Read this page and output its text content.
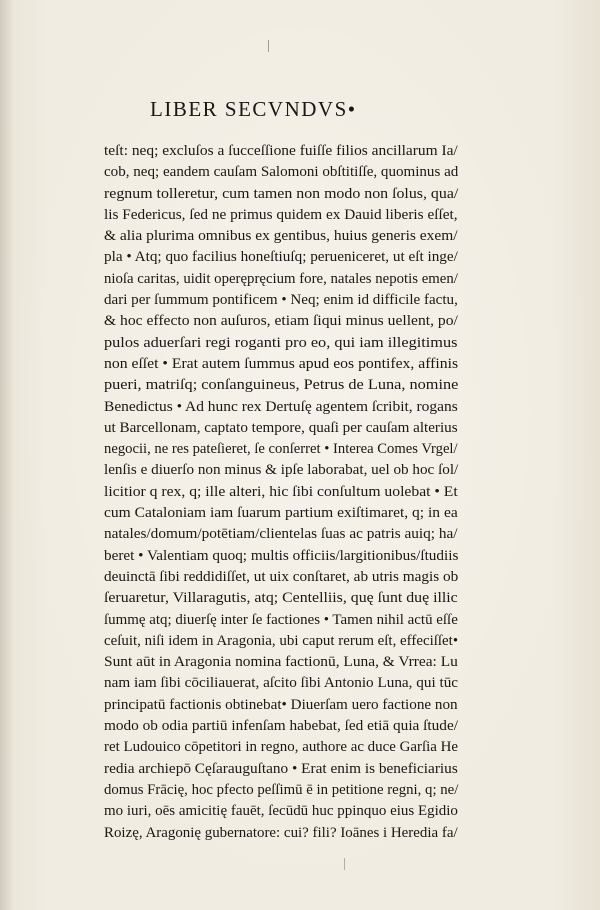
LIBER SECVNDVS•
teſt: neq; excluſos a ſucceſſione fuiſſe filios ancillarum Ia/
cob, neq; eandem cauſam Salomoni obſtitiſſe, quominus ad
regnum tolleretur, cum tamen non modo non ſolus, qua/
lis Federicus, ſed ne primus quidem ex Dauid liberis eſſet,
& alia plurima omnibus ex gentibus, huius generis exem/
pla • Atq; quo facilius honeſtiuſq; perueniceret, ut eſt inge/
nioſa caritas, uidit operępręcium fore, natales nepotis emen/
dari per ſummum pontificem • Neq; enim id difficile factu,
& hoc effecto non auſuros, etiam ſiqui minus uellent, po/
pulos aduerſari regi roganti pro eo, qui iam illegitimus
non eſſet • Erat autem ſummus apud eos pontifex, affinis
pueri, matriſq; conſanguineus, Petrus de Luna, nomine
Benedictus • Ad hunc rex Dertuſę agentem ſcribit, rogans
ut Barcellonam, captato tempore, quaſi per cauſam alterius
negocii, ne res pateſieret, ſe conſerret • Interea Comes Vrgel/
lenſis e diuerſo non minus & ipſe laborabat, uel ob hoc ſol/
licitior q rex, q; ille alteri, hic ſibi conſultum uolebat • Et
cum Cataloniam iam ſuarum partium exiſtimaret, q; in ea
natales/domum/potētiam/clientelas ſuas ac patris auiq; ha/
beret • Valentiam quoq; multis officiis/largitionibus/ſtudiis
deuinctā ſibi reddidiſſet, ut uix conſtaret, ab utris magis ob
ſeruaretur, Villaragutis, atq; Centelliis, quę ſunt duę illic
ſummę atq; diuerſę inter ſe factiones • Tamen nihil actū eſſe
ceſuit, niſi idem in Aragonia, ubi caput rerum eſt, effeciſſet•
Sunt aūt in Aragonia nomina factionū, Luna, & Vrrea: Lu
nam iam ſibi cōciliauerat, aſcito ſibi Antonio Luna, qui tūc
principatū factionis obtinebat• Diuerſam uero factione non
modo ob odia partiū infenſam habebat, ſed etiā quia ſtude/
ret Ludouico cōpetitori in regno, authore ac duce Garſia He
redia archiepō Cęſarauguſtano • Erat enim is beneficiarius
domus Frācię, hoc pfecto peſſimū ē in petitione regni, q; ne/
mo iuri, oēs amicitię fauēt, ſecūdū huc ppinquo eius Egidio
Roizę, Aragonię gubernatore: cui? fili? Ioānes i Heredia fa/
